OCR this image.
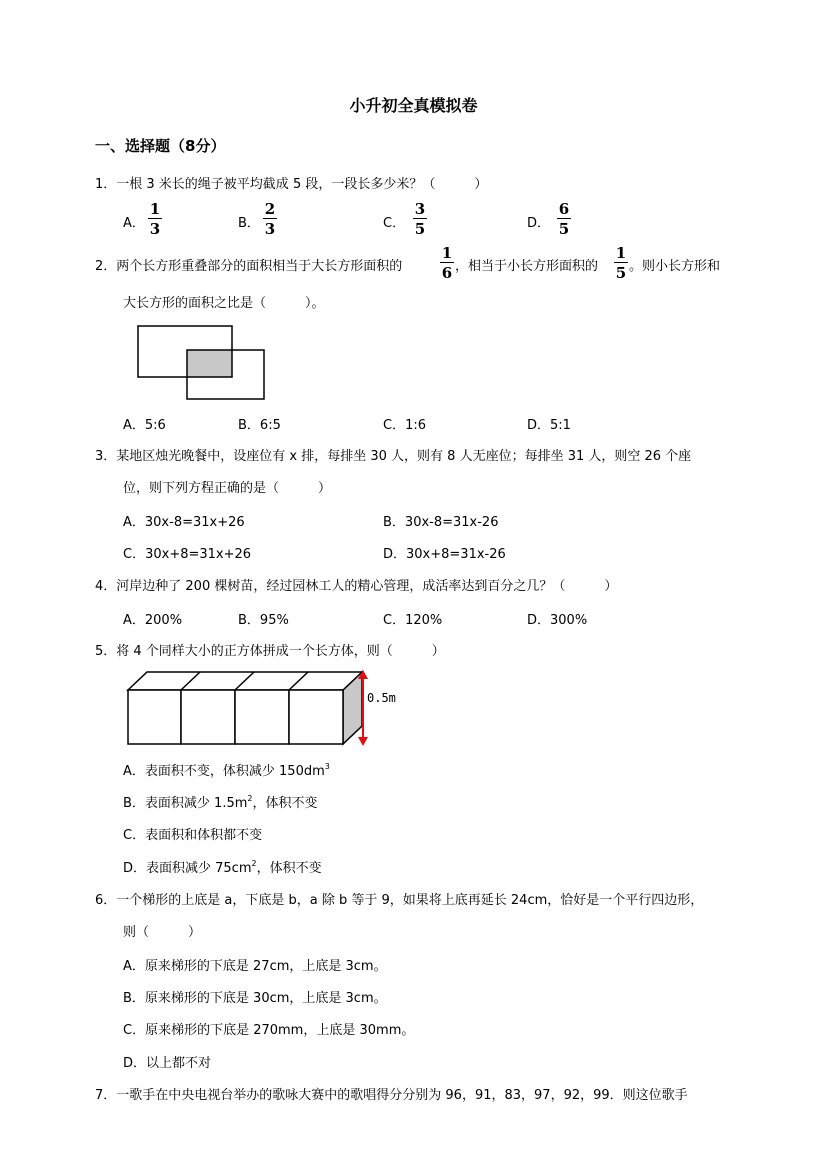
小升初全真模拟卷
一、选择题（8分）
1．一根 3 米长的绳子被平均截成 5 段，一段长多少米？（　　　）
A．
1
3	B．
2
3	C．
3
5	D．
6
5
2．两个长方形重叠部分的面积相当于大长方形面积的
1
6 ，相当于小长方形面积的
1
5 。则小长方形和
大长方形的面积之比是（　　　）。
A．5:6	B．6:5	C．1:6	D．5:1
3．某地区烛光晚餐中，设座位有 x 排，每排坐 30 人，则有 8 人无座位；每排坐 31 人，则空 26 个座
位，则下列方程正确的是（　　　）
A．30x-8=31x+26	B．30x-8=31x-26
C．30x+8=31x+26	D．30x+8=31x-26
4．河岸边种了 200 棵树苗，经过园林工人的精心管理，成活率达到百分之几？（　　　）
A．200%	B．95%	C．120%	D．300%
5．将 4 个同样大小的正方体拼成一个长方体，则（　　　）
0.5m
A．表面积不变，体积减少 $150dm^3$
B．表面积减少 $1.5m^2$，体积不变
C．表面积和体积都不变
D．表面积减少 $75cm^2$，体积不变
6．一个梯形的上底是 a，下底是 b，a 除 b 等于 9，如果将上底再延长 24cm，恰好是一个平行四边形，
则（　　　）
A．原来梯形的下底是 27cm，上底是 3cm。
B．原来梯形的下底是 30cm，上底是 3cm。
C．原来梯形的下底是 270mm，上底是 30mm。
D．以上都不对
7．一歌手在中央电视台举办的歌咏大赛中的歌唱得分分别为 96，91，83，97，92，99．则这位歌手
